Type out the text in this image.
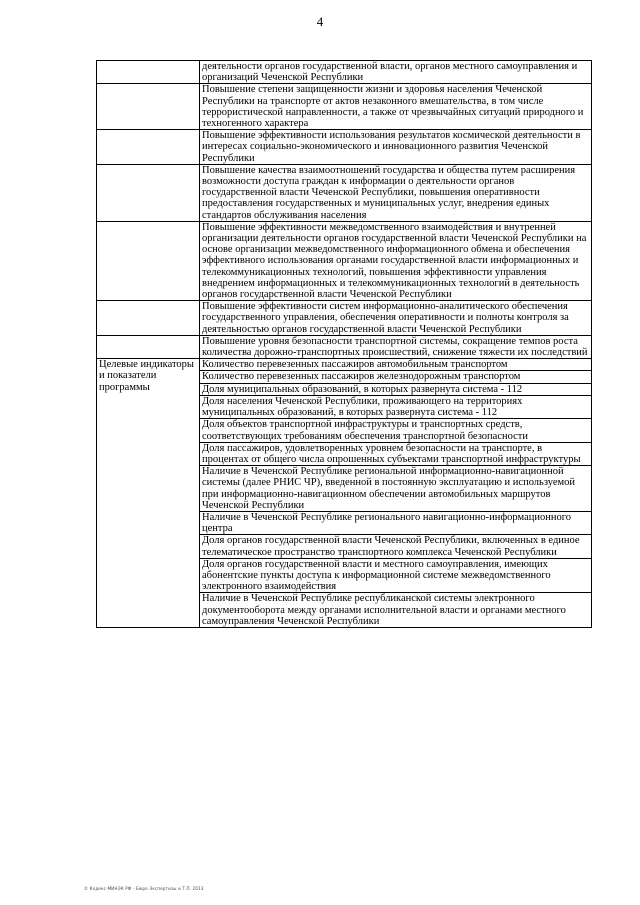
4
	деятельности органов государственной власти, органов местного самоуправления и организаций Чеченской Республики
	Повышение степени защищенности жизни и здоровья населения Чеченской Республики на транспорте от актов незаконного вмешательства, в том числе террористической направленности, а также от чрезвычайных ситуаций природного и техногенного характера
	Повышение эффективности использования результатов космической деятельности в интересах социально-экономического и инновационного развития Чеченской Республики
	Повышение качества взаимоотношений государства и общества путем расширения возможности доступа граждан к информации о деятельности органов государственной власти Чеченской Республики, повышения оперативности предоставления государственных и муниципальных услуг, внедрения единых стандартов обслуживания населения
	Повышение эффективности межведомственного взаимодействия и внутренней организации деятельности органов государственной власти Чеченской Республики на основе организации межведомственного информационного обмена и обеспечения эффективного использования органами государственной власти информационных и телекоммуникационных технологий, повышения эффективности управления внедрением информационных и телекоммуникационных технологий в деятельность органов государственной власти Чеченской Республики
	Повышение эффективности систем информационно-аналитического обеспечения государственного управления, обеспечения оперативности и полноты контроля за деятельностью органов государственной власти Чеченской Республики
	Повышение уровня безопасности транспортной системы, сокращение темпов роста количества дорожно-транспортных происшествий, снижение тяжести их последствий
Целевые индикаторы и показатели программы	Количество перевезенных пассажиров автомобильным транспортом
	Количество перевезенных пассажиров железнодорожным транспортом
	Доля муниципальных образований, в которых развернута система - 112
	Доля населения Чеченской Республики, проживающего на территориях муниципальных образований, в которых развернута система - 112
	Доля объектов транспортной инфраструктуры и транспортных средств, соответствующих требованиям обеспечения транспортной безопасности
	Доля пассажиров, удовлетворенных уровнем безопасности на транспорте, в процентах от общего числа опрошенных субъектами транспортной инфраструктуры
	Наличие в Чеченской Республике региональной информационно-навигационной системы (далее РНИС ЧР), введенной в постоянную эксплуатацию и используемой при информационно-навигационном обеспечении автомобильных маршрутов Чеченской Республики
	Наличие в Чеченской Республике регионального навигационно-информационного центра
	Доля органов государственной власти Чеченской Республики, включенных в единое телематическое пространство транспортного комплекса Чеченской Республики
	Доля органов государственной власти и местного самоуправления, имеющих абонентские пункты доступа к информационной системе межведомственного электронного взаимодействия
	Наличие в Чеченской Республике республиканской системы электронного документооборота между органами исполнительной власти и органами местного самоуправления Чеченской Республики
© Кодекс-МИНЭК РФ - Бюро Экспертизы и Т.П. 2013
